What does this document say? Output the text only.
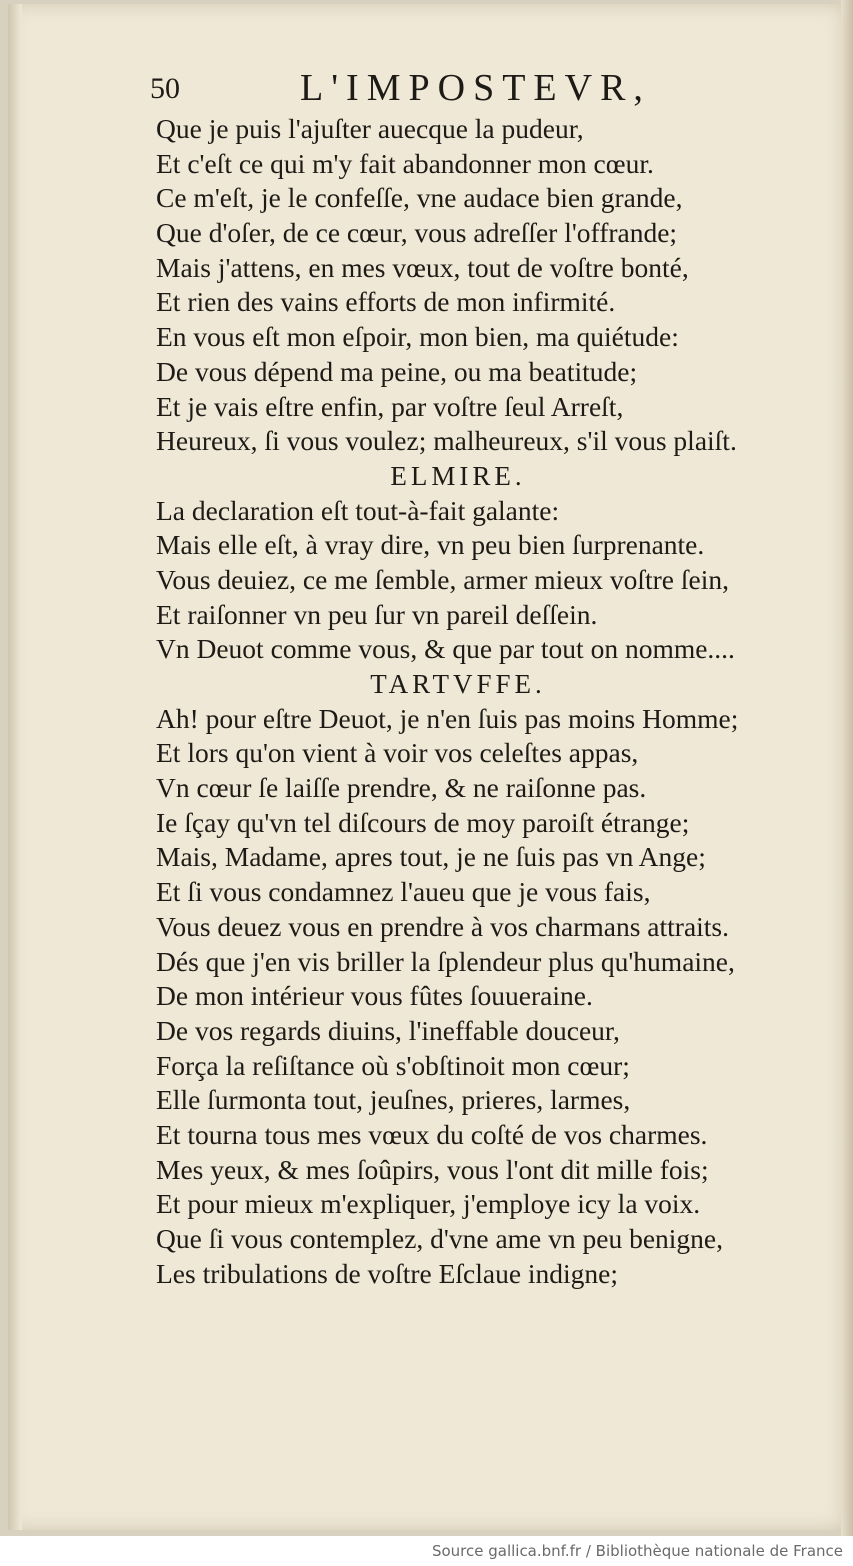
50	L'IMPOSTEVR,
Que je puis l'ajuſter auecque la pudeur,
Et c'eſt ce qui m'y fait abandonner mon cœur.
Ce m'eſt, je le confeſſe, vne audace bien grande,
Que d'oſer, de ce cœur, vous adreſſer l'offrande;
Mais j'attens, en mes vœux, tout de voſtre bonté,
Et rien des vains efforts de mon infirmité.
En vous eſt mon eſpoir, mon bien, ma quiétude:
De vous dépend ma peine, ou ma beatitude;
Et je vais eſtre enfin, par voſtre ſeul Arreſt,
Heureux, ſi vous voulez; malheureux, s'il vous plaiſt.
ELMIRE.
La declaration eſt tout-à-fait galante:
Mais elle eſt, à vray dire, vn peu bien ſurprenante.
Vous deuiez, ce me ſemble, armer mieux voſtre ſein,
Et raiſonner vn peu ſur vn pareil deſſein.
Vn Deuot comme vous, & que par tout on nomme....
TARTVFFE.
Ah! pour eſtre Deuot, je n'en ſuis pas moins Homme;
Et lors qu'on vient à voir vos celeſtes appas,
Vn cœur ſe laiſſe prendre, & ne raiſonne pas.
Ie ſçay qu'vn tel diſcours de moy paroiſt étrange;
Mais, Madame, apres tout, je ne ſuis pas vn Ange;
Et ſi vous condamnez l'aueu que je vous fais,
Vous deuez vous en prendre à vos charmans attraits.
Dés que j'en vis briller la ſplendeur plus qu'humaine,
De mon intérieur vous fûtes ſouueraine.
De vos regards diuins, l'ineffable douceur,
Força la reſiſtance où s'obſtinoit mon cœur;
Elle ſurmonta tout, jeuſnes, prieres, larmes,
Et tourna tous mes vœux du coſté de vos charmes.
Mes yeux, & mes ſoûpirs, vous l'ont dit mille fois;
Et pour mieux m'expliquer, j'employe icy la voix.
Que ſi vous contemplez, d'vne ame vn peu benigne,
Les tribulations de voſtre Eſclaue indigne;
Source gallica.bnf.fr / Bibliothèque nationale de France
